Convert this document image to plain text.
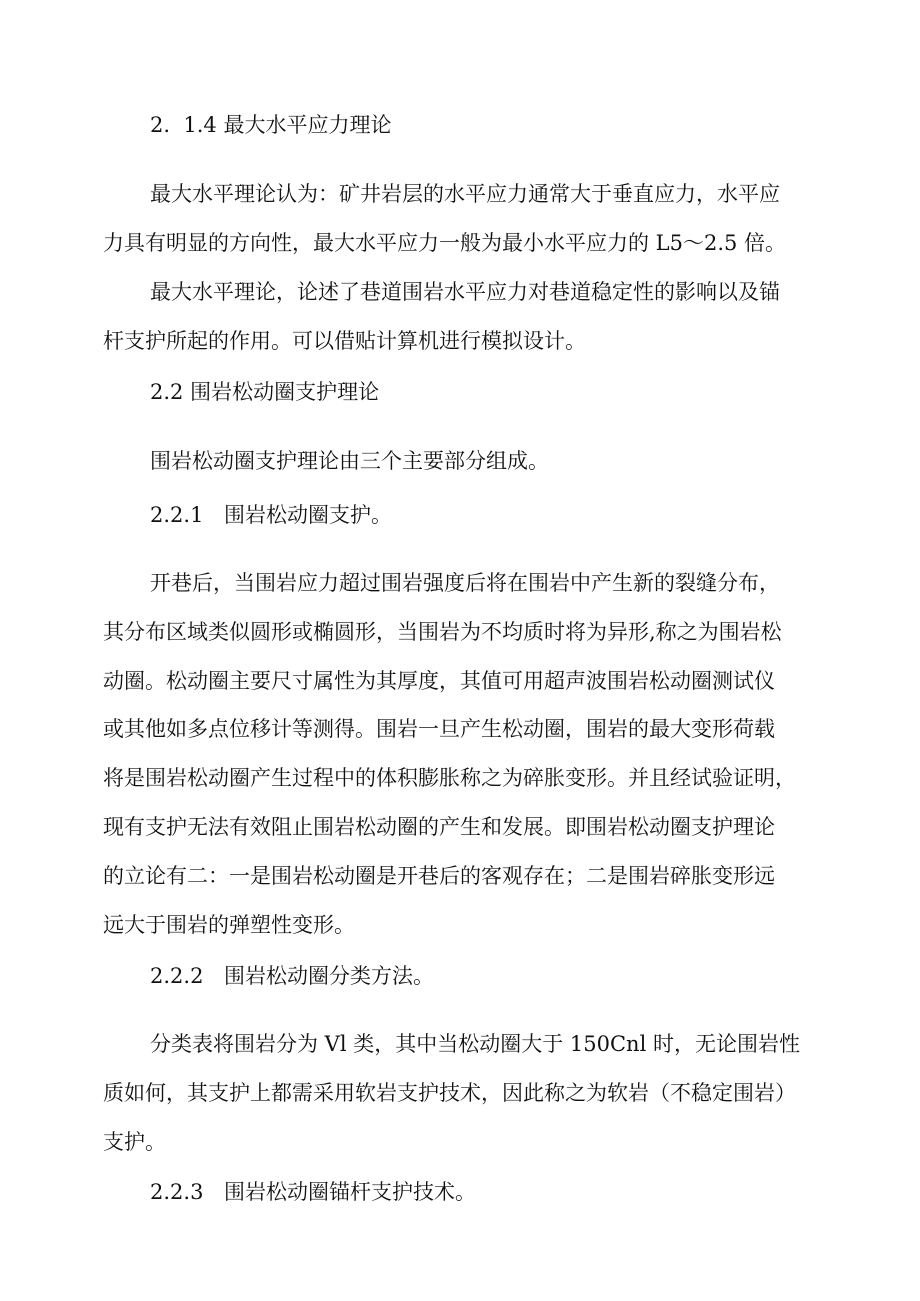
2.  1.4 最大水平应力理论

最大水平理论认为：矿井岩层的水平应力通常大于垂直应力，水平应

力具有明显的方向性，最大水平应力一般为最小水平应力的 L5～2.5 倍。

最大水平理论，论述了巷道围岩水平应力对巷道稳定性的影响以及锚

杆支护所起的作用。可以借贴计算机进行模拟设计。

2.2 围岩松动圈支护理论

围岩松动圈支护理论由三个主要部分组成。

2.2.1 围岩松动圈支护。

开巷后，当围岩应力超过围岩强度后将在围岩中产生新的裂缝分布，

其分布区域类似圆形或椭圆形，当围岩为不均质时将为异形,称之为围岩松

动圈。松动圈主要尺寸属性为其厚度，其值可用超声波围岩松动圈测试仪

或其他如多点位移计等测得。围岩一旦产生松动圈，围岩的最大变形荷载

将是围岩松动圈产生过程中的体积膨胀称之为碎胀变形。并且经试验证明，

现有支护无法有效阻止围岩松动圈的产生和发展。即围岩松动圈支护理论

的立论有二：一是围岩松动圈是开巷后的客观存在；二是围岩碎胀变形远

远大于围岩的弹塑性变形。

2.2.2 围岩松动圈分类方法。

分类表将围岩分为 Vl 类，其中当松动圈大于 150Cnl 时，无论围岩性

质如何，其支护上都需采用软岩支护技术，因此称之为软岩（不稳定围岩）

支护。

2.2.3 围岩松动圈锚杆支护技术。
